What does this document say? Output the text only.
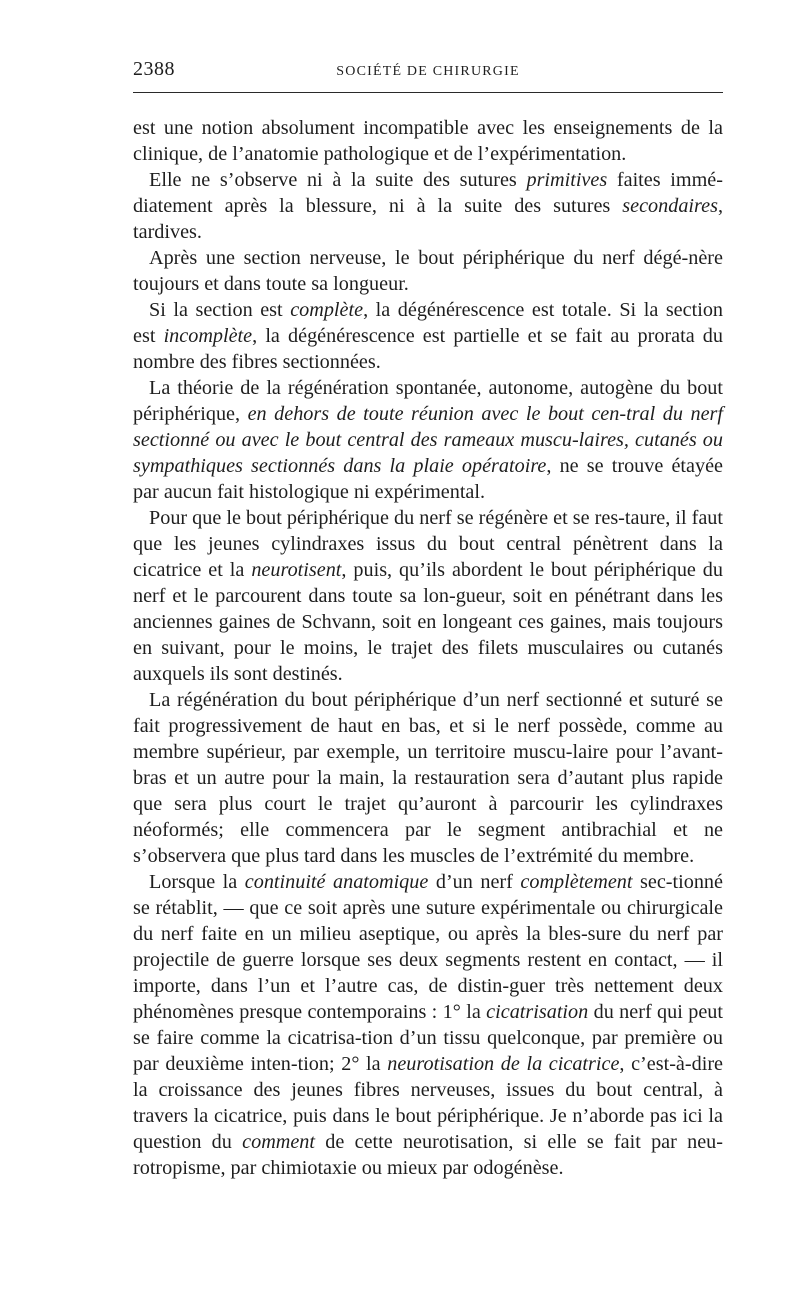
2388	SOCIÉTÉ DE CHIRURGIE

est une notion absolument incompatible avec les enseignements de la clinique, de l’anatomie pathologique et de l’expérimentation.

Elle ne s’observe ni à la suite des sutures primitives faites immé-diatement après la blessure, ni à la suite des sutures secondaires, tardives.

Après une section nerveuse, le bout périphérique du nerf dégé-nère toujours et dans toute sa longueur.

Si la section est complète, la dégénérescence est totale. Si la section est incomplète, la dégénérescence est partielle et se fait au prorata du nombre des fibres sectionnées.

La théorie de la régénération spontanée, autonome, autogène du bout périphérique, en dehors de toute réunion avec le bout cen-tral du nerf sectionné ou avec le bout central des rameaux muscu-laires, cutanés ou sympathiques sectionnés dans la plaie opératoire, ne se trouve étayée par aucun fait histologique ni expérimental.

Pour que le bout périphérique du nerf se régénère et se res-taure, il faut que les jeunes cylindraxes issus du bout central pénètrent dans la cicatrice et la neurotisent, puis, qu’ils abordent le bout périphérique du nerf et le parcourent dans toute sa lon-gueur, soit en pénétrant dans les anciennes gaines de Schvann, soit en longeant ces gaines, mais toujours en suivant, pour le moins, le trajet des filets musculaires ou cutanés auxquels ils sont destinés.

La régénération du bout périphérique d’un nerf sectionné et suturé se fait progressivement de haut en bas, et si le nerf possède, comme au membre supérieur, par exemple, un territoire muscu-laire pour l’avant-bras et un autre pour la main, la restauration sera d’autant plus rapide que sera plus court le trajet qu’auront à parcourir les cylindraxes néoformés; elle commencera par le segment antibrachial et ne s’observera que plus tard dans les muscles de l’extrémité du membre.

Lorsque la continuité anatomique d’un nerf complètement sec-tionné se rétablit, — que ce soit après une suture expérimentale ou chirurgicale du nerf faite en un milieu aseptique, ou après la bles-sure du nerf par projectile de guerre lorsque ses deux segments restent en contact, — il importe, dans l’un et l’autre cas, de distin-guer très nettement deux phénomènes presque contemporains : 1° la cicatrisation du nerf qui peut se faire comme la cicatrisa-tion d’un tissu quelconque, par première ou par deuxième inten-tion; 2° la neurotisation de la cicatrice, c’est-à-dire la croissance des jeunes fibres nerveuses, issues du bout central, à travers la cicatrice, puis dans le bout périphérique. Je n’aborde pas ici la question du comment de cette neurotisation, si elle se fait par neu-rotropisme, par chimiotaxie ou mieux par odogénèse.
